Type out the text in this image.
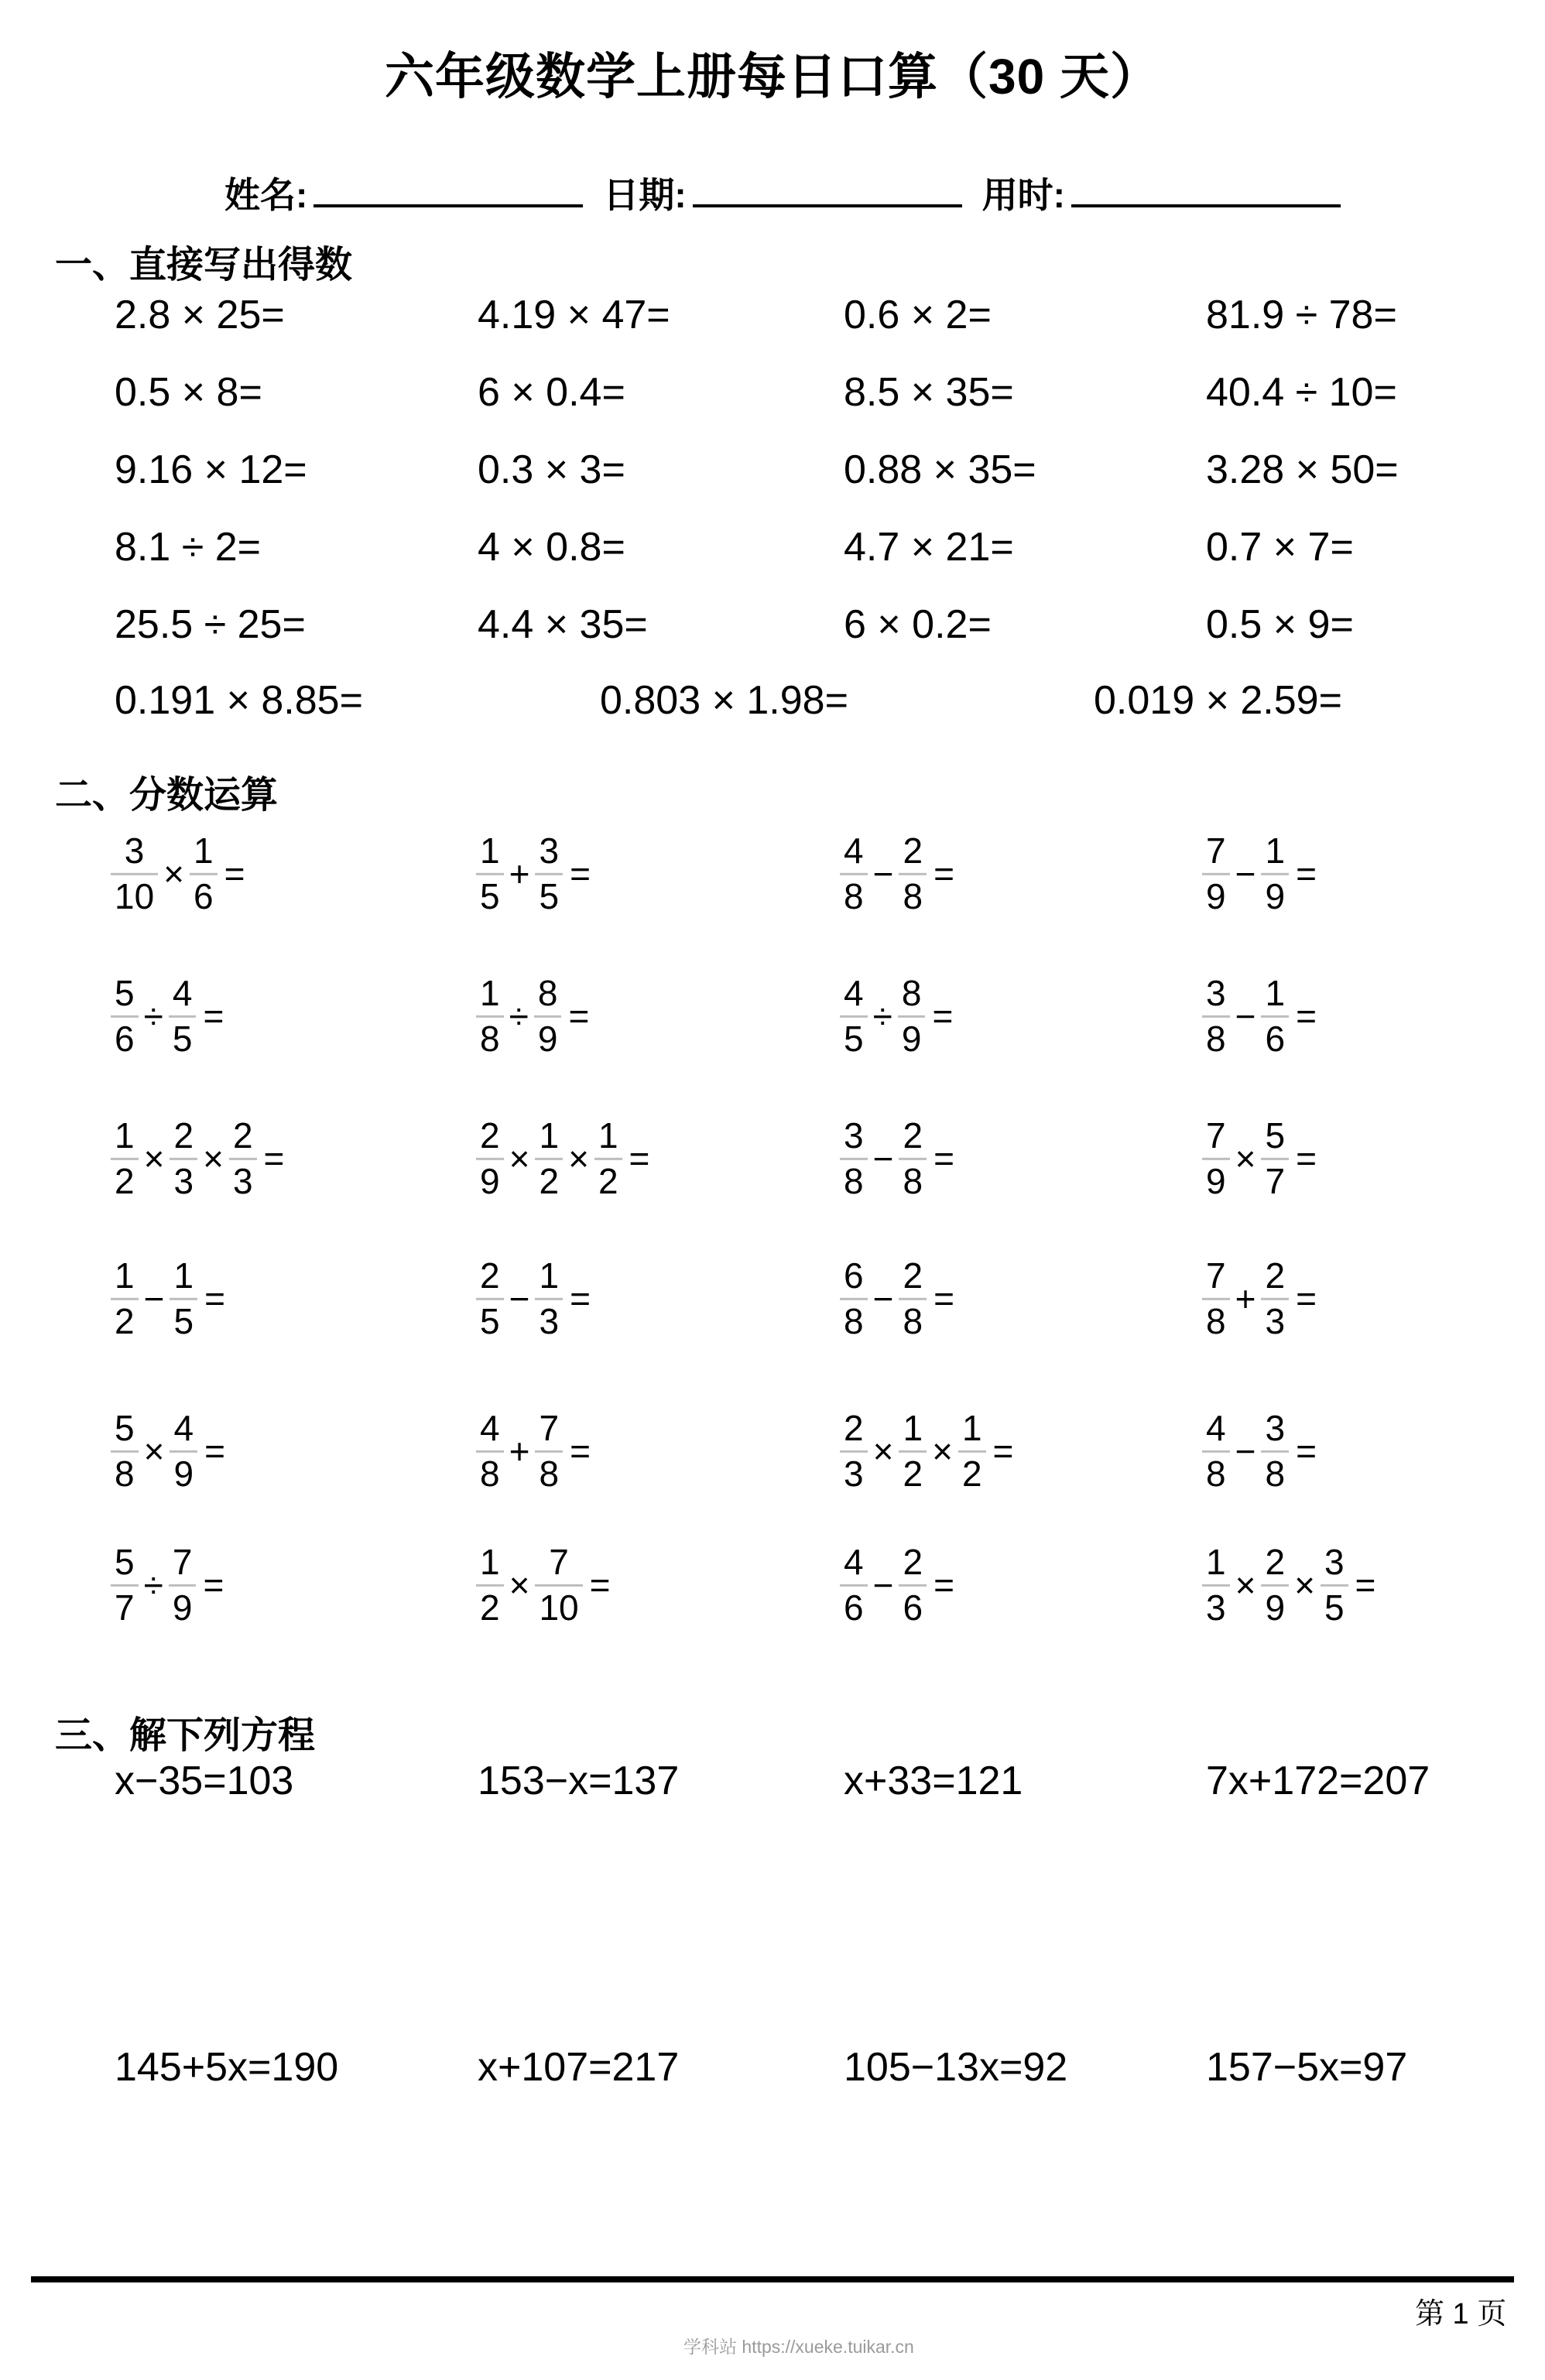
六年级数学上册每日口算（30 天）
姓名:	日期:	用时:
一、直接写出得数
2.8 × 25=	4.19 × 47=	0.6 × 2=	81.9 ÷ 78=
0.5 × 8=	6 × 0.4=	8.5 × 35=	40.4 ÷ 10=
9.16 × 12=	0.3 × 3=	0.88 × 35=	3.28 × 50=
8.1 ÷ 2=	4 × 0.8=	4.7 × 21=	0.7 × 7=
25.5 ÷ 25=	4.4 × 35=	6 × 0.2=	0.5 × 9=
0.191 × 8.85=	0.803 × 1.98=	0.019 × 2.59=
二、分数运算
$\frac{3}{10} \times \frac{1}{6}$ =	$\frac{1}{5} + \frac{3}{5}$ =	$\frac{4}{8} - \frac{2}{8}$ =	$\frac{7}{9} - \frac{1}{9}$ =
$\frac{5}{6} \div \frac{4}{5}$ =	$\frac{1}{8} \div \frac{8}{9}$ =	$\frac{4}{5} \div \frac{8}{9}$ =	$\frac{3}{8} - \frac{1}{6}$ =
$\frac{1}{2} \times \frac{2}{3} \times \frac{2}{3}$ =	$\frac{2}{9} \times \frac{1}{2} \times \frac{1}{2}$ =	$\frac{3}{8} - \frac{2}{8}$ =	$\frac{7}{9} \times \frac{5}{7}$ =
$\frac{1}{2} - \frac{1}{5}$ =	$\frac{2}{5} - \frac{1}{3}$ =	$\frac{6}{8} - \frac{2}{8}$ =	$\frac{7}{8} + \frac{2}{3}$ =
$\frac{5}{8} \times \frac{4}{9}$ =	$\frac{4}{8} + \frac{7}{8}$ =	$\frac{2}{3} \times \frac{1}{2} \times \frac{1}{2}$ =	$\frac{4}{8} - \frac{3}{8}$ =
$\frac{5}{7} \div \frac{7}{9}$ =	$\frac{1}{2} \times \frac{7}{10}$ =	$\frac{4}{6} - \frac{2}{6}$ =	$\frac{1}{3} \times \frac{2}{9} \times \frac{3}{5}$ =
三、解下列方程
x−35=103	153−x=137	x+33=121	7x+172=207
145+5x=190	x+107=217	105−13x=92	157−5x=97
第 1 页
学科站 https://xueke.tuikar.cn
